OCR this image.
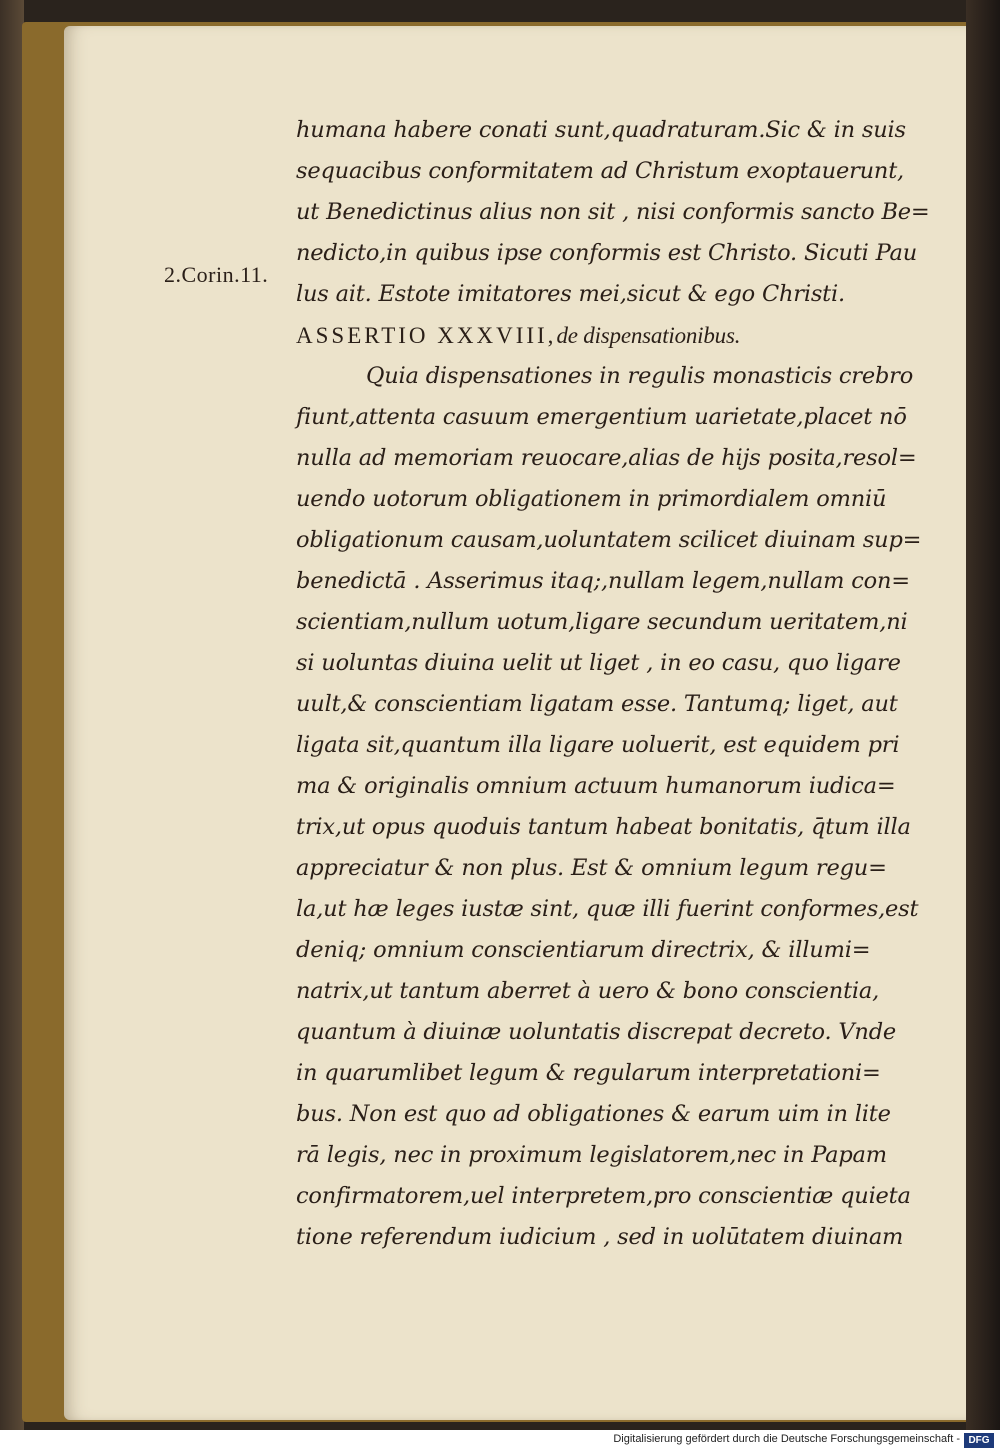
2.Corin.11.
humana habere conati sunt,quadraturam.Sic & in suis
sequacibus conformitatem ad Christum exoptauerunt,
ut Benedictinus alius non sit , nisi conformis sancto Be=
nedicto,in quibus ipse conformis est Christo. Sicuti Pau
lus ait. Estote imitatores mei,sicut & ego Christi.
ASSERTIO XXXVIII,de dispensationibus.
Quia dispensationes in regulis monasticis crebro
fiunt,attenta casuum emergentium uarietate,placet nō
nulla ad memoriam reuocare,alias de hijs posita,resol=
uendo uotorum obligationem in primordialem omniū
obligationum causam,uoluntatem scilicet diuinam sup=
benedictā . Asserimus itaq;,nullam legem,nullam con=
scientiam,nullum uotum,ligare secundum ueritatem,ni
si uoluntas diuina uelit ut liget , in eo casu, quo ligare
uult,& conscientiam ligatam esse. Tantumq; liget, aut
ligata sit,quantum illa ligare uoluerit, est equidem pri
ma & originalis omnium actuum humanorum iudica=
trix,ut opus quoduis tantum habeat bonitatis, q̄tum illa
appreciatur & non plus. Est & omnium legum regu=
la,ut hæ leges iustæ sint, quæ illi fuerint conformes,est
deniq; omnium conscientiarum directrix, & illumi=
natrix,ut tantum aberret à uero & bono conscientia,
quantum à diuinæ uoluntatis discrepat decreto. Vnde
in quarumlibet legum & regularum interpretationi=
bus. Non est quo ad obligationes & earum uim in lite
rā legis, nec in proximum legislatorem,nec in Papam
confirmatorem,uel interpretem,pro conscientiæ quieta
tione referendum iudicium , sed in uolūtatem diuinam
Digitalisierung gefördert durch die Deutsche Forschungsgemeinschaft - DFG
